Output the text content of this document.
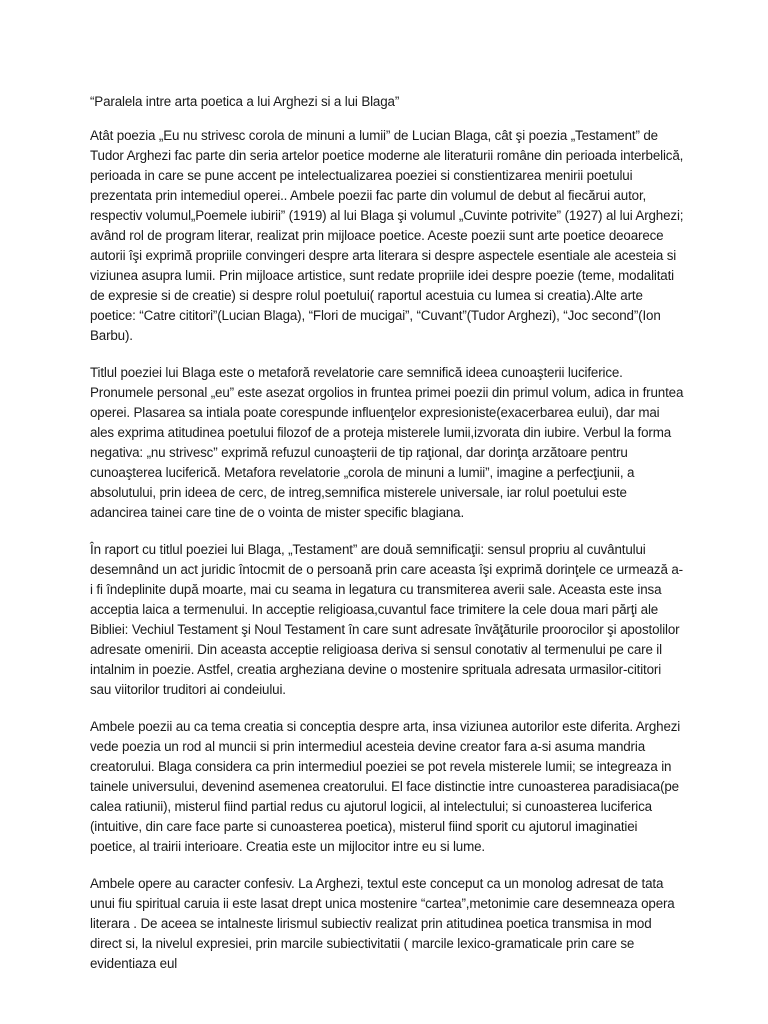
“Paralela intre arta poetica a lui Arghezi si a lui Blaga”

Atât poezia „Eu nu strivesc corola de minuni a lumii” de Lucian Blaga, cât şi poezia „Testament” de Tudor Arghezi fac parte din seria artelor poetice moderne ale literaturii române din perioada interbelică, perioada in care se pune accent pe intelectualizarea poeziei si constientizarea menirii poetului prezentata prin intemediul operei.. Ambele poezii fac parte din volumul de debut al fiecărui autor, respectiv volumul„Poemele iubirii” (1919) al lui Blaga şi volumul „Cuvinte potrivite” (1927) al lui Arghezi; având rol de program literar, realizat prin mijloace poetice. Aceste poezii sunt arte poetice deoarece autorii îşi exprimă propriile convingeri despre arta literara si despre aspectele esentiale ale acesteia si viziunea asupra lumii. Prin mijloace artistice, sunt redate propriile idei despre poezie (teme, modalitati de expresie si de creatie) si despre rolul poetului( raportul acestuia cu lumea si creatia).Alte arte poetice: “Catre cititori”(Lucian Blaga), “Flori de mucigai”, “Cuvant”(Tudor Arghezi), “Joc second”(Ion Barbu).

Titlul poeziei lui Blaga este o metaforă revelatorie care semnifică ideea cunoaşterii luciferice. Pronumele personal „eu” este asezat orgolios in fruntea primei poezii din primul volum, adica in fruntea operei. Plasarea sa intiala poate corespunde influenţelor expresioniste(exacerbarea eului), dar mai ales exprima atitudinea poetului filozof de a proteja misterele lumii,izvorata din iubire. Verbul la forma negativa: „nu strivesc” exprimă refuzul cunoaşterii de tip raţional, dar dorinţa arzătoare pentru cunoaşterea luciferică. Metafora revelatorie „corola de minuni a lumii”, imagine a perfecţiunii, a absolutului, prin ideea de cerc, de intreg,semnifica misterele universale, iar rolul poetului este adancirea tainei care tine de o vointa de mister specific blagiana.

În raport cu titlul poeziei lui Blaga, „Testament” are două semnificaţii: sensul propriu al cuvântului desemnând un act juridic întocmit de o persoană prin care aceasta îşi exprimă dorinţele ce urmează a-i fi îndeplinite după moarte, mai cu seama in legatura cu transmiterea averii sale. Aceasta este insa acceptia laica a termenului. In acceptie religioasa,cuvantul face trimitere la cele doua mari părţi ale Bibliei: Vechiul Testament şi Noul Testament în care sunt adresate învăţăturile proorocilor şi apostolilor adresate omenirii. Din aceasta acceptie religioasa deriva si sensul conotativ al termenului pe care il intalnim in poezie. Astfel, creatia argheziana devine o mostenire sprituala adresata urmasilor-cititori sau viitorilor truditori ai condeiului.

Ambele poezii au ca tema creatia si conceptia despre arta, insa viziunea autorilor este diferita. Arghezi vede poezia un rod al muncii si prin intermediul acesteia devine creator fara a-si asuma mandria creatorului. Blaga considera ca prin intermediul poeziei se pot revela misterele lumii; se integreaza in tainele universului, devenind asemenea creatorului. El face distinctie intre cunoasterea paradisiaca(pe calea ratiunii), misterul fiind partial redus cu ajutorul logicii, al intelectului; si cunoasterea luciferica (intuitive, din care face parte si cunoasterea poetica), misterul fiind sporit cu ajutorul imaginatiei poetice, al trairii interioare. Creatia este un mijlocitor intre eu si lume.

Ambele opere au caracter confesiv. La Arghezi, textul este conceput ca un monolog adresat de tata unui fiu spiritual caruia ii este lasat drept unica mostenire “cartea”,metonimie care desemneaza opera literara . De aceea se intalneste lirismul subiectiv realizat prin atitudinea poetica transmisa in mod direct si, la nivelul expresiei, prin marcile subiectivitatii ( marcile lexico-gramaticale prin care se evidentiaza eul
